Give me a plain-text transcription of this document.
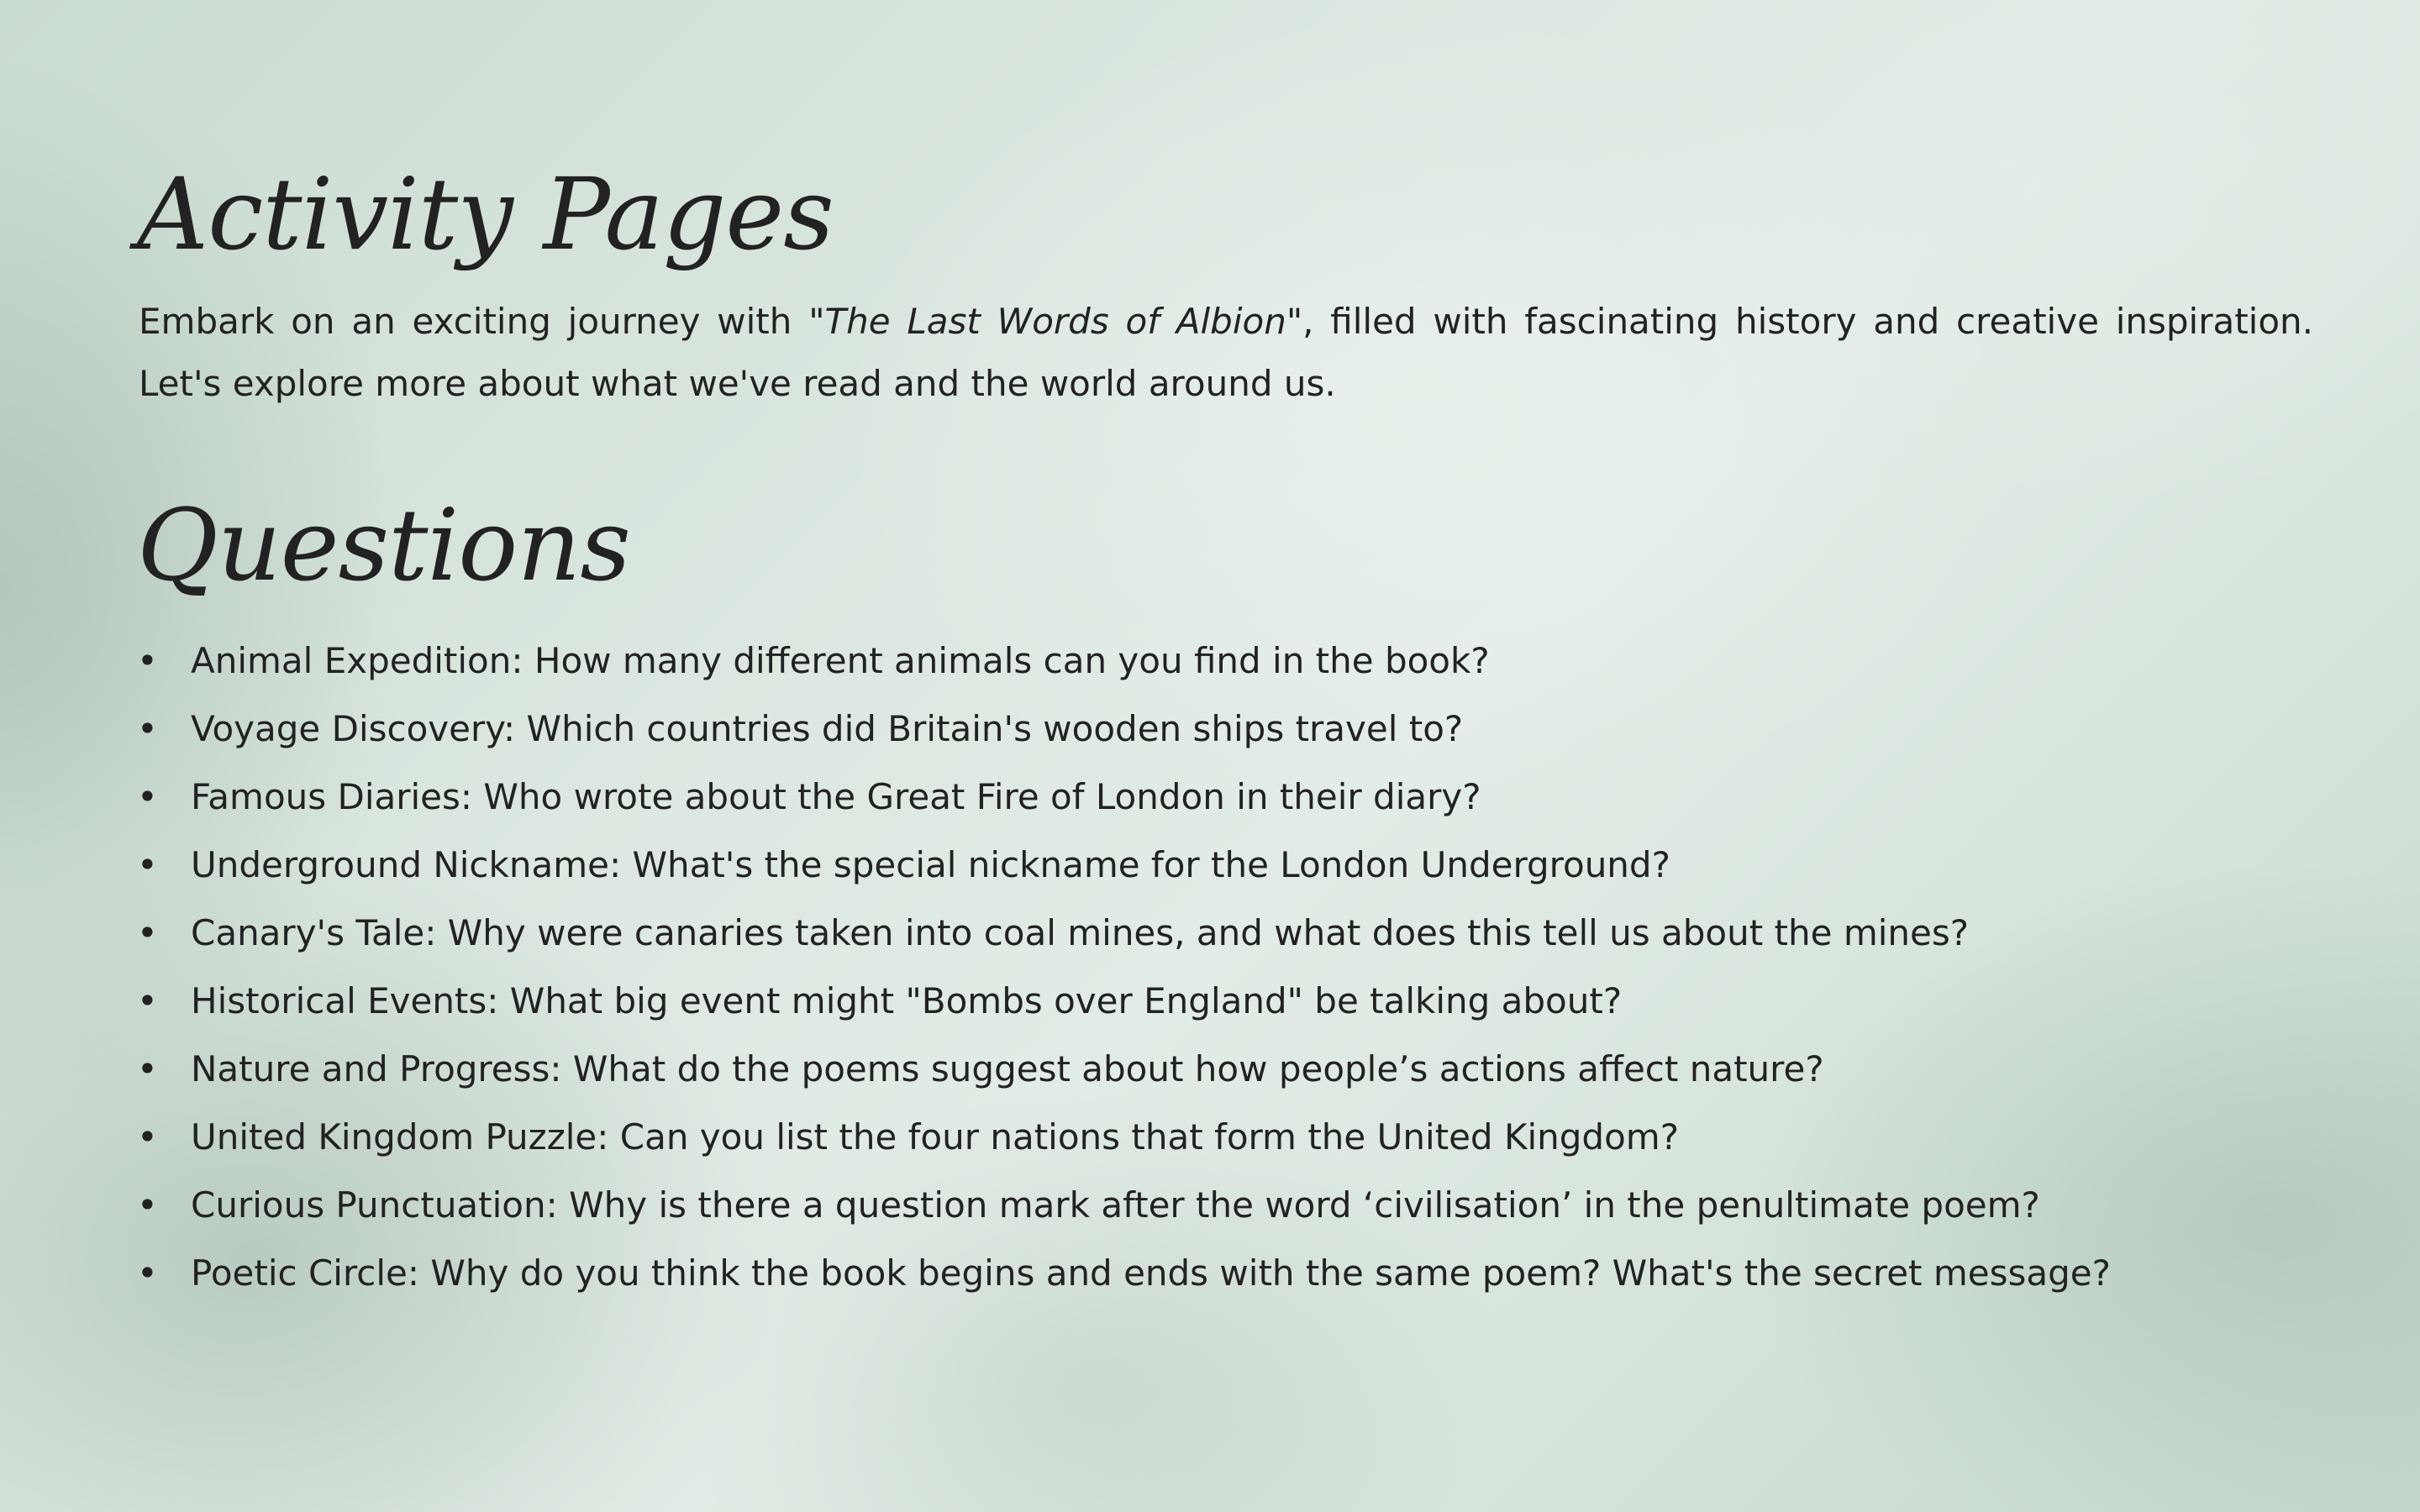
Activity Pages

Embark on an exciting journey with "The Last Words of Albion", filled with fascinating history and creative inspiration. Let's explore more about what we've read and the world around us.

Questions
• Animal Expedition: How many different animals can you find in the book?
• Voyage Discovery: Which countries did Britain's wooden ships travel to?
• Famous Diaries: Who wrote about the Great Fire of London in their diary?
• Underground Nickname: What's the special nickname for the London Underground?
• Canary's Tale: Why were canaries taken into coal mines, and what does this tell us about the mines?
• Historical Events: What big event might "Bombs over England" be talking about?
• Nature and Progress: What do the poems suggest about how people’s actions affect nature?
• United Kingdom Puzzle: Can you list the four nations that form the United Kingdom?
• Curious Punctuation: Why is there a question mark after the word ‘civilisation’ in the penultimate poem?
• Poetic Circle: Why do you think the book begins and ends with the same poem? What's the secret message?
